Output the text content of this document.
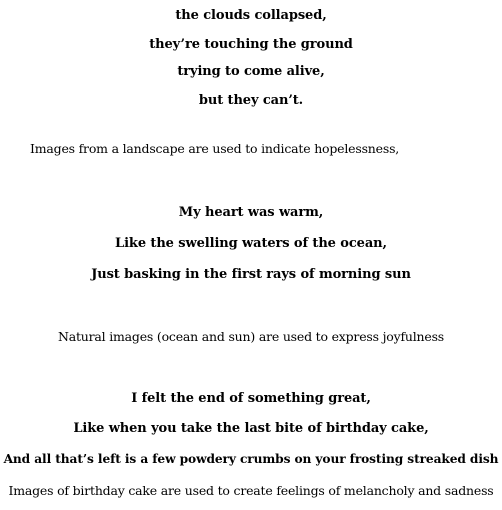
the clouds collapsed,
they’re touching the ground
trying to come alive,
but they can’t.
Images from a landscape are used to indicate hopelessness,
My heart was warm,
Like the swelling waters of the ocean,
Just basking in the first rays of morning sun
Natural images (ocean and sun) are used to express joyfulness
I felt the end of something great,
Like when you take the last bite of birthday cake,
And all that’s left is a few powdery crumbs on your frosting streaked dish
Images of birthday cake are used to create feelings of melancholy and sadness
